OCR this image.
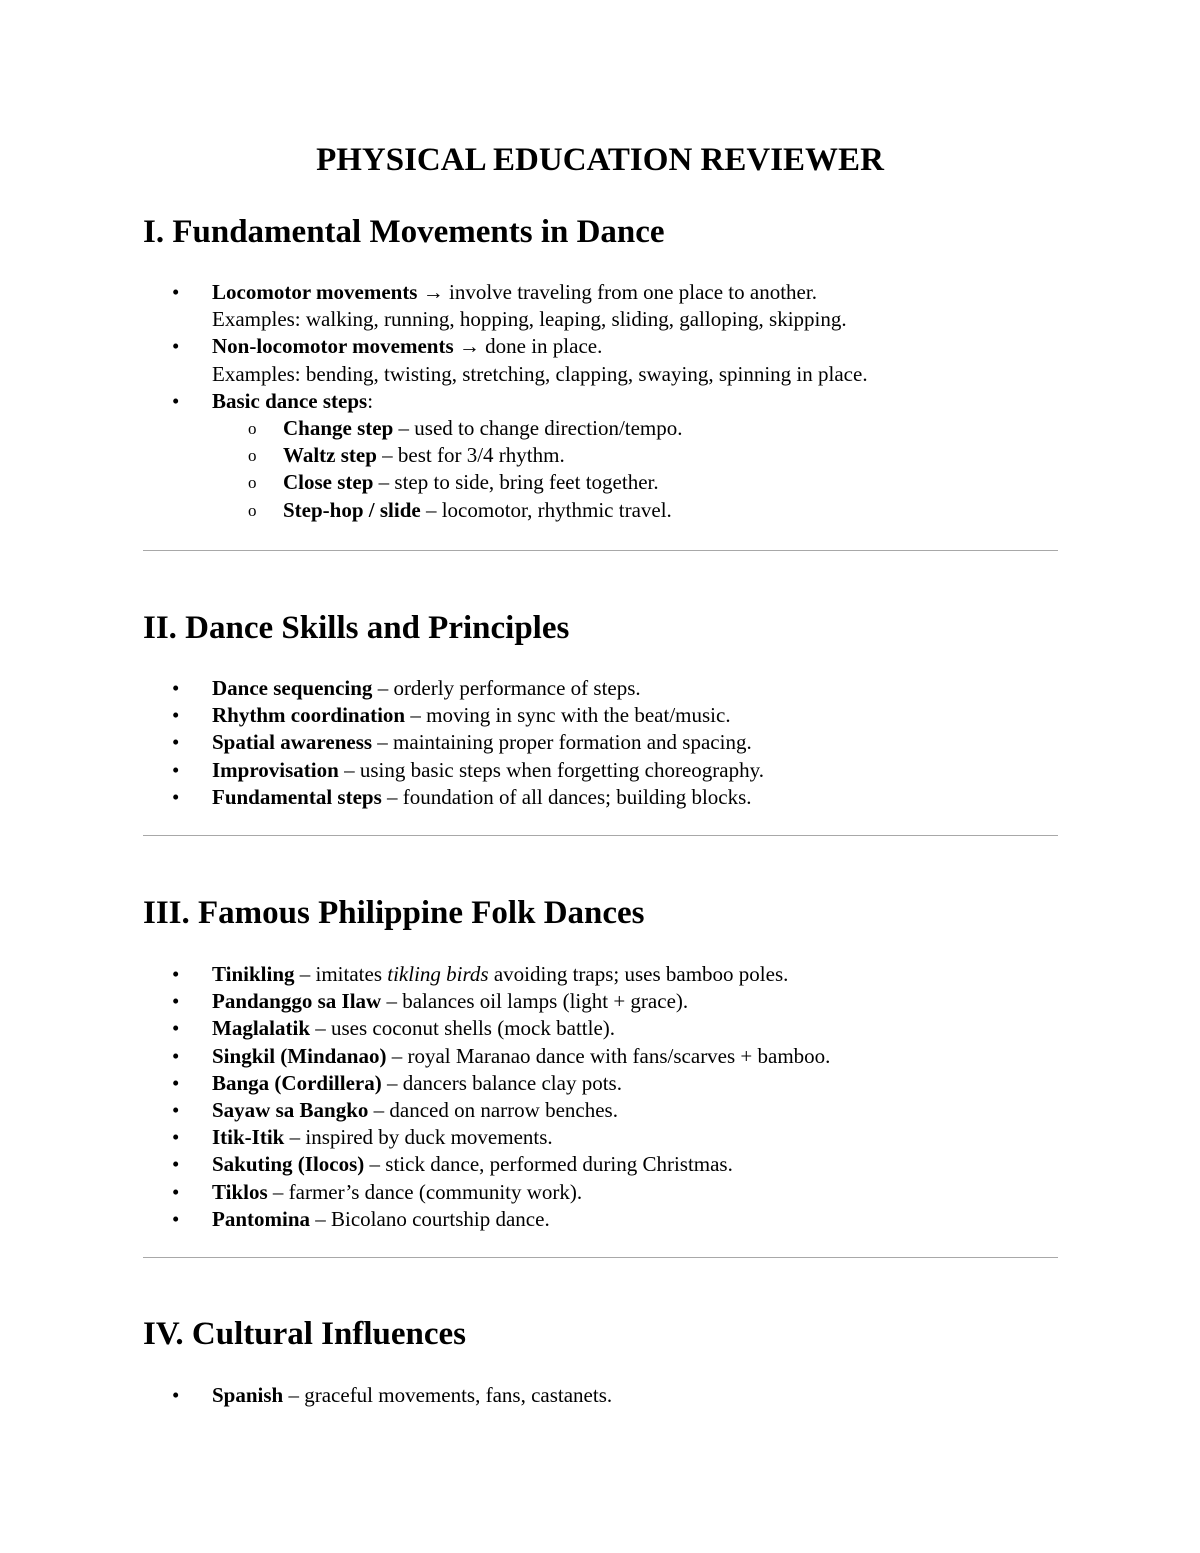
PHYSICAL EDUCATION REVIEWER
I. Fundamental Movements in Dance
•	Locomotor movements → involve traveling from one place to another.
Examples: walking, running, hopping, leaping, sliding, galloping, skipping.
•	Non-locomotor movements → done in place.
Examples: bending, twisting, stretching, clapping, swaying, spinning in place.
•	Basic dance steps:
o Change step – used to change direction/tempo.
o Waltz step – best for 3/4 rhythm.
o Close step – step to side, bring feet together.
o Step-hop / slide – locomotor, rhythmic travel.
II. Dance Skills and Principles
•	Dance sequencing – orderly performance of steps.
•	Rhythm coordination – moving in sync with the beat/music.
•	Spatial awareness – maintaining proper formation and spacing.
•	Improvisation – using basic steps when forgetting choreography.
•	Fundamental steps – foundation of all dances; building blocks.
III. Famous Philippine Folk Dances
•	Tinikling – imitates tikling birds avoiding traps; uses bamboo poles.
•	Pandanggo sa Ilaw – balances oil lamps (light + grace).
•	Maglalatik – uses coconut shells (mock battle).
•	Singkil (Mindanao) – royal Maranao dance with fans/scarves + bamboo.
•	Banga (Cordillera) – dancers balance clay pots.
•	Sayaw sa Bangko – danced on narrow benches.
•	Itik-Itik – inspired by duck movements.
•	Sakuting (Ilocos) – stick dance, performed during Christmas.
•	Tiklos – farmer’s dance (community work).
•	Pantomina – Bicolano courtship dance.
IV. Cultural Influences
•	Spanish – graceful movements, fans, castanets.
